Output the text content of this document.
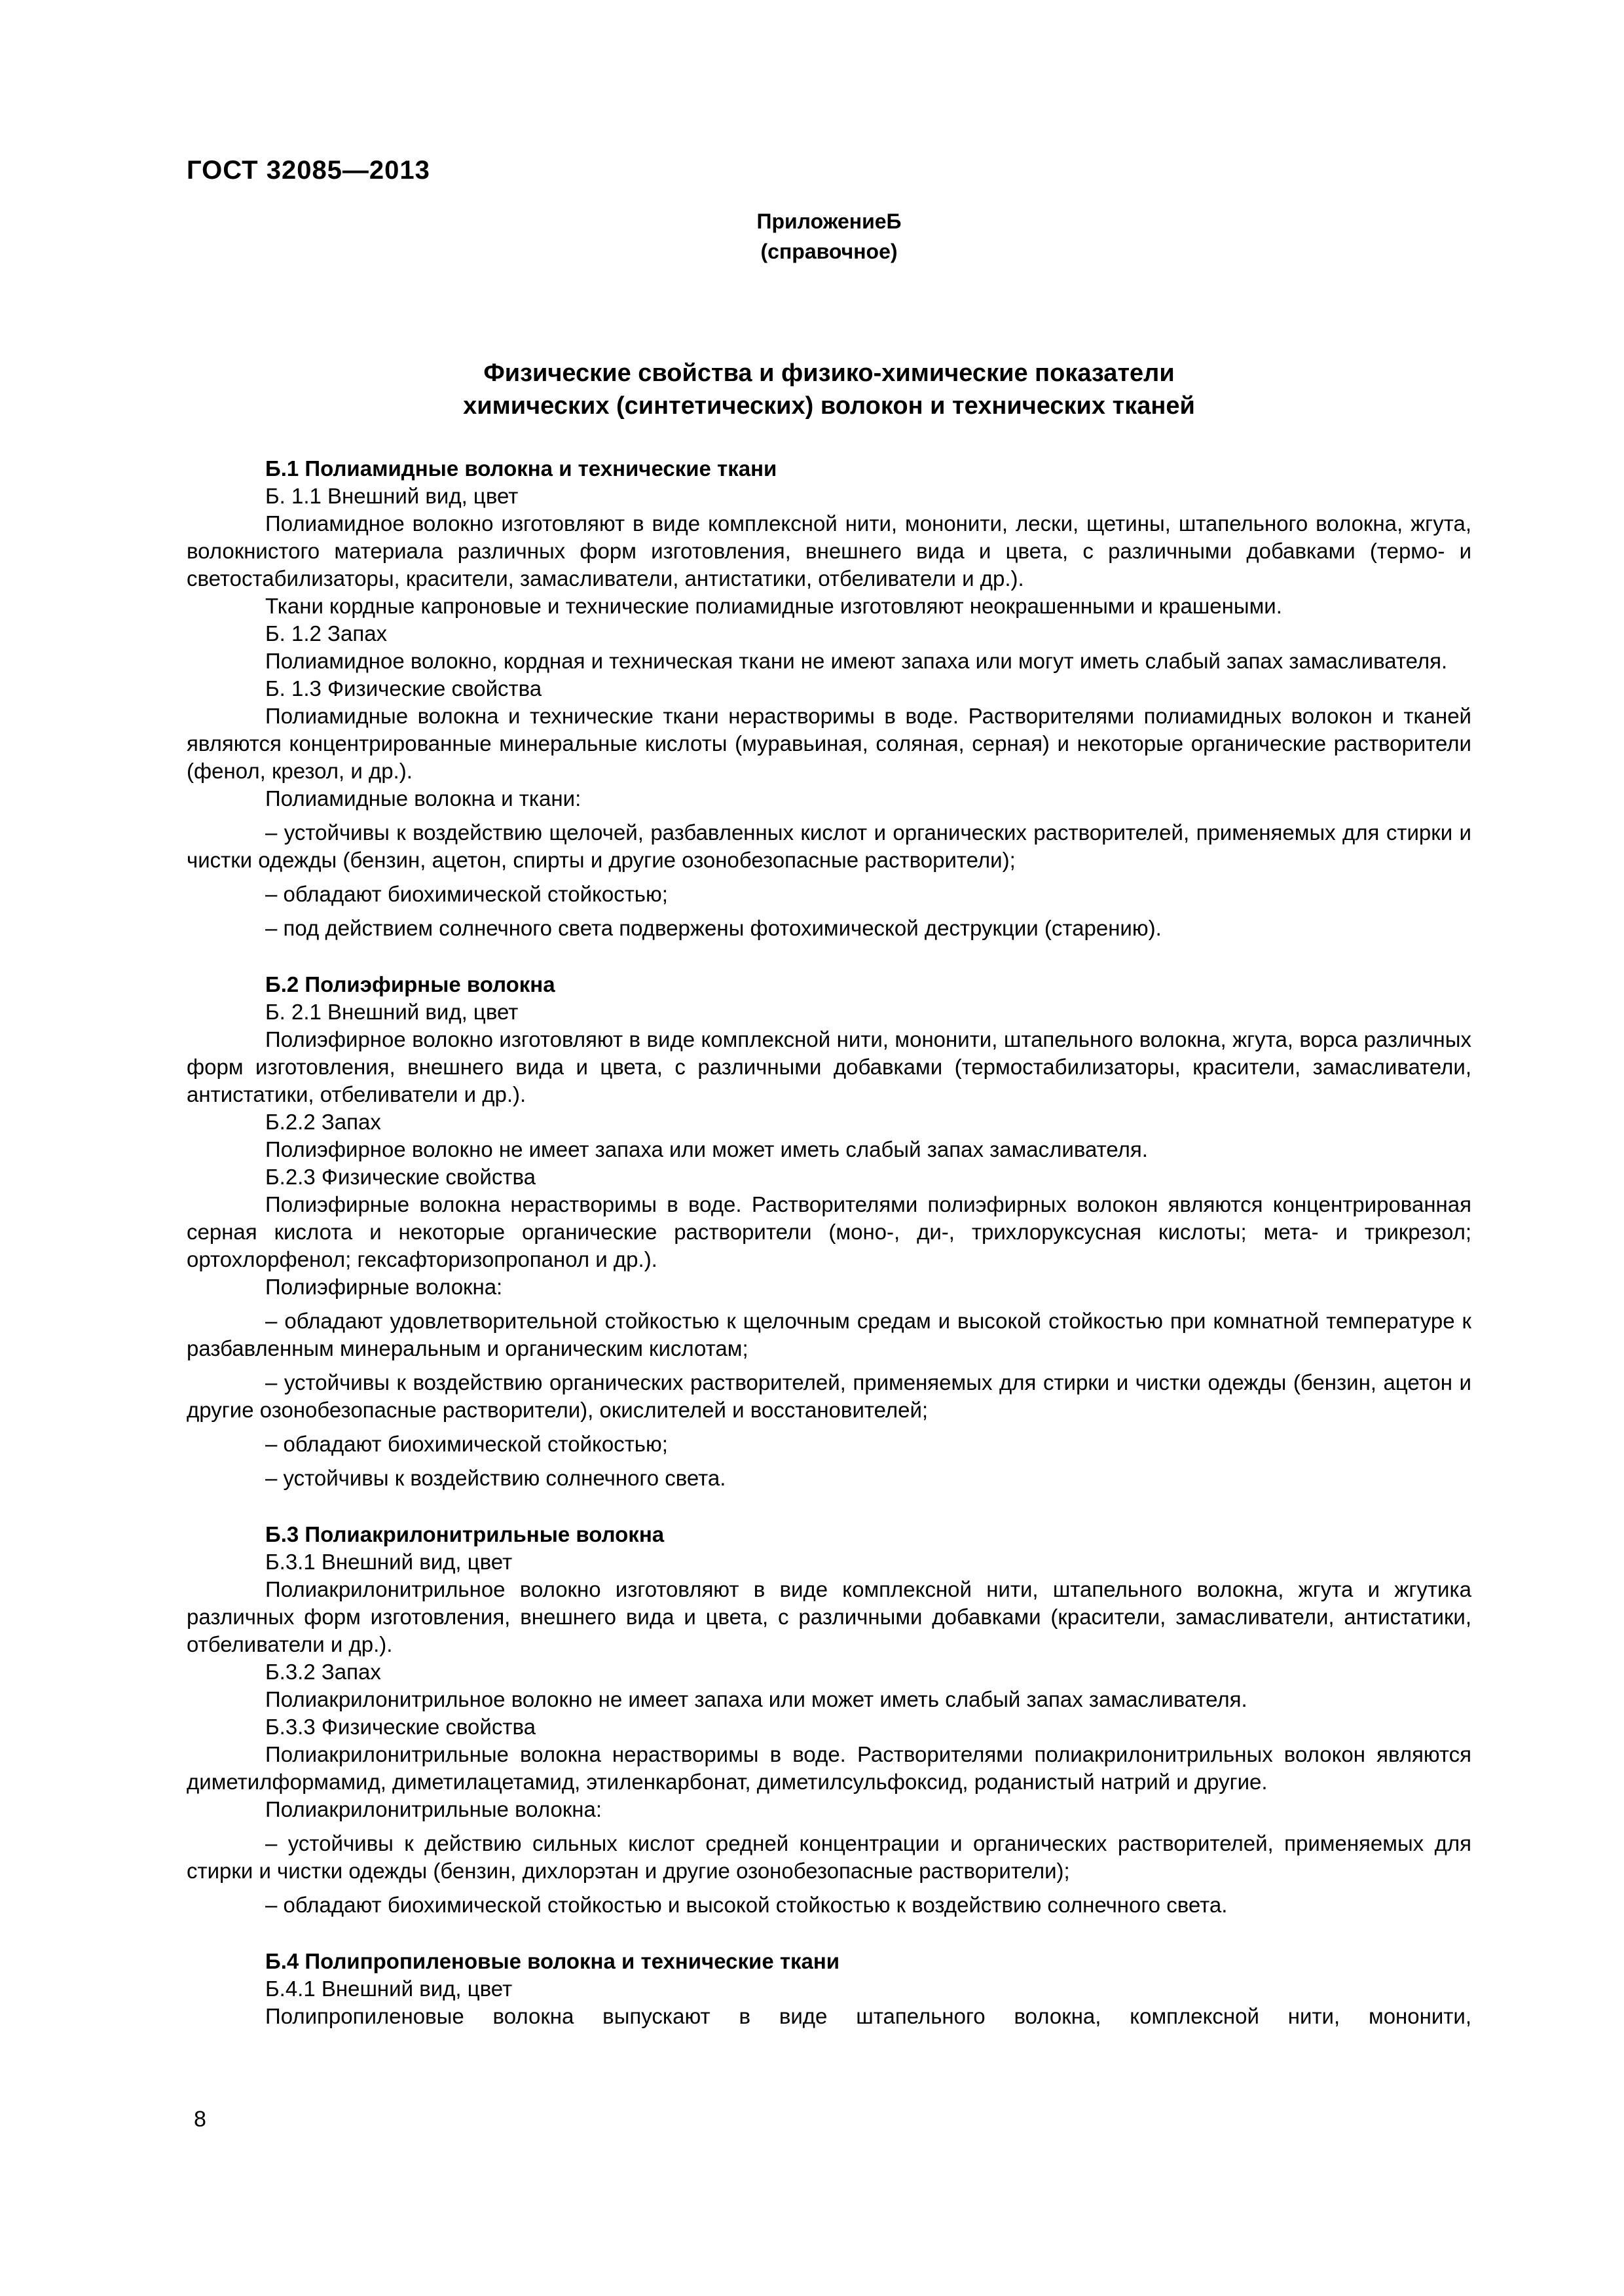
ГОСТ 32085—2013
ПриложениеБ
(справочное)
Физические свойства и физико-химические показатели
химических (синтетических) волокон и технических тканей
Б.1 Полиамидные волокна и технические ткани
Б. 1.1 Внешний вид, цвет
Полиамидное волокно изготовляют в виде комплексной нити, мононити, лески, щетины, штапельного волокна, жгута, волокнистого материала различных форм изготовления, внешнего вида и цвета, с различными добавками (термо- и светостабилизаторы, красители, замасливатели, антистатики, отбеливатели и др.).
Ткани кордные капроновые и технические полиамидные изготовляют неокрашенными и крашеными.
Б. 1.2 Запах
Полиамидное волокно, кордная и техническая ткани не имеют запаха или могут иметь слабый запах замасливателя.
Б. 1.3 Физические свойства
Полиамидные волокна и технические ткани нерастворимы в воде. Растворителями полиамидных волокон и тканей являются концентрированные минеральные кислоты (муравьиная, соляная, серная) и некоторые органические растворители (фенол, крезол, и др.).
Полиамидные волокна и ткани:
– устойчивы к воздействию щелочей, разбавленных кислот и органических растворителей, применяемых для стирки и чистки одежды (бензин, ацетон, спирты и другие озонобезопасные растворители);
– обладают биохимической стойкостью;
– под действием солнечного света подвержены фотохимической деструкции (старению).
Б.2 Полиэфирные волокна
Б. 2.1 Внешний вид, цвет
Полиэфирное волокно изготовляют в виде комплексной нити, мононити, штапельного волокна, жгута, ворса различных форм изготовления, внешнего вида и цвета, с различными добавками (термостабилизаторы, красители, замасливатели, антистатики, отбеливатели и др.).
Б.2.2 Запах
Полиэфирное волокно не имеет запаха или может иметь слабый запах замасливателя.
Б.2.3 Физические свойства
Полиэфирные волокна нерастворимы в воде. Растворителями полиэфирных волокон являются концентрированная серная кислота и некоторые органические растворители (моно-, ди-, трихлоруксусная кислоты; мета- и трикрезол; ортохлорфенол; гексафторизопропанол и др.).
Полиэфирные волокна:
– обладают удовлетворительной стойкостью к щелочным средам и высокой стойкостью при комнатной температуре к разбавленным минеральным и органическим кислотам;
– устойчивы к воздействию органических растворителей, применяемых для стирки и чистки одежды (бензин, ацетон и другие озонобезопасные растворители), окислителей и восстановителей;
– обладают биохимической стойкостью;
– устойчивы к воздействию солнечного света.
Б.3 Полиакрилонитрильные волокна
Б.3.1 Внешний вид, цвет
Полиакрилонитрильное волокно изготовляют в виде комплексной нити, штапельного волокна, жгута и жгутика различных форм изготовления, внешнего вида и цвета, с различными добавками (красители, замасливатели, антистатики, отбеливатели и др.).
Б.3.2 Запах
Полиакрилонитрильное волокно не имеет запаха или может иметь слабый запах замасливателя.
Б.3.3 Физические свойства
Полиакрилонитрильные волокна нерастворимы в воде. Растворителями полиакрилонитрильных волокон являются диметилформамид, диметилацетамид, этиленкарбонат, диметилсульфоксид, роданистый натрий и другие.
Полиакрилонитрильные волокна:
– устойчивы к действию сильных кислот средней концентрации и органических растворителей, применяемых для стирки и чистки одежды (бензин, дихлорэтан и другие озонобезопасные растворители);
– обладают биохимической стойкостью и высокой стойкостью к воздействию солнечного света.
Б.4 Полипропиленовые волокна и технические ткани
Б.4.1 Внешний вид, цвет
Полипропиленовые волокна выпускают в виде штапельного волокна, комплексной нити, мононити,
8
